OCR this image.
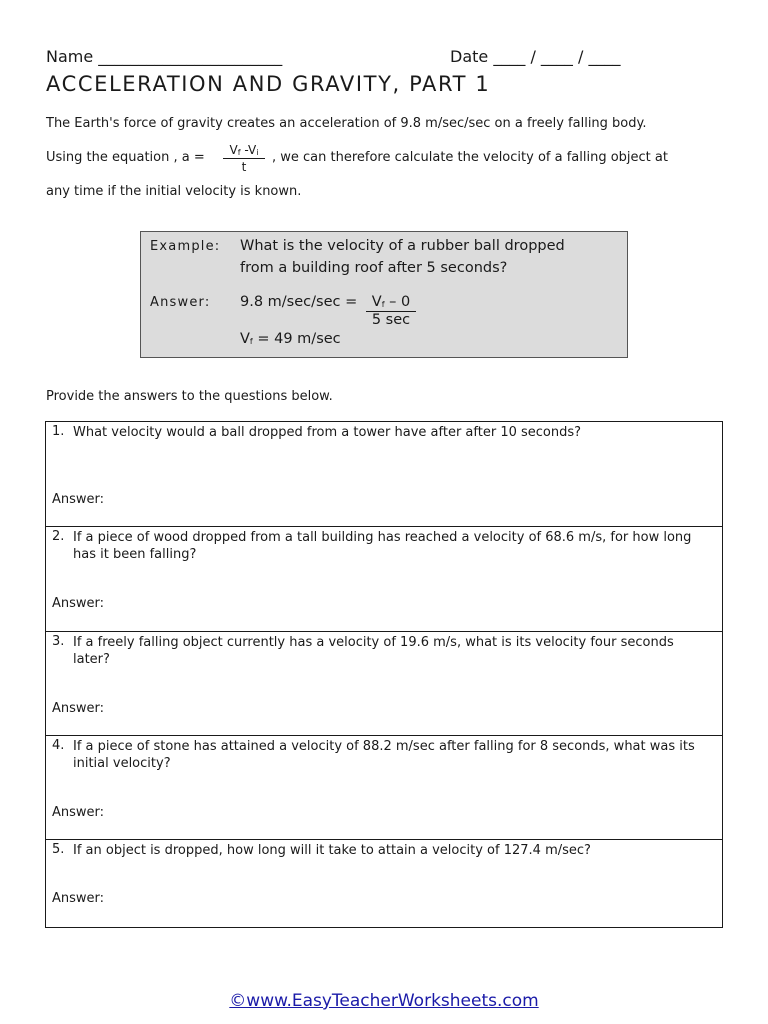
Name _______________________	Date ____ / ____ / ____
ACCELERATION AND GRAVITY, PART 1
The Earth's force of gravity creates an acceleration of 9.8 m/sec/sec on a freely falling body.
Using the equation , $a = \frac{Vf -Vi}{t}$ , we can therefore calculate the velocity of a falling object at
any time if the initial velocity is known.
Example: What is the velocity of a rubber ball dropped
from a building roof after 5 seconds?
Answer: 9.8 m/sec/sec =	Vf – 0
5 sec
Vf = 49 m/sec
Provide the answers to the questions below.
1. What velocity would a ball dropped from a tower have after after 10 seconds?
Answer:
2. If a piece of wood dropped from a tall building has reached a velocity of 68.6 m/s, for how long has it been falling?
Answer:
3. If a freely falling object currently has a velocity of 19.6 m/s, what is its velocity four seconds later?
Answer:
4. If a piece of stone has attained a velocity of 88.2 m/sec after falling for 8 seconds, what was its initial velocity?
Answer:
5. If an object is dropped, how long will it take to attain a velocity of 127.4 m/sec?
Answer:
©www.EasyTeacherWorksheets.com
